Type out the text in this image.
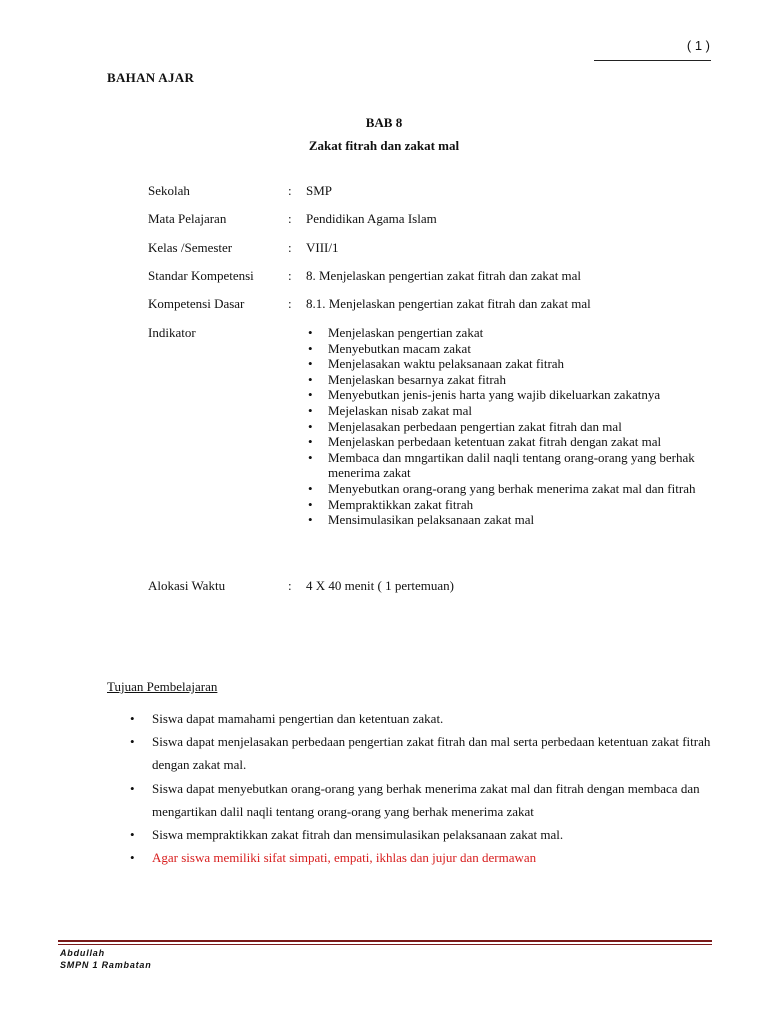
( 1 )
BAHAN AJAR
BAB 8
Zakat fitrah dan zakat mal
Sekolah	:	SMP
Mata Pelajaran	:	Pendidikan Agama Islam
Kelas /Semester	:	VIII/1
Standar Kompetensi	:	8. Menjelaskan pengertian zakat fitrah dan zakat mal
Kompetensi Dasar	:	8.1. Menjelaskan pengertian zakat fitrah dan zakat mal
Indikator
•	Menjelaskan pengertian zakat
• Menyebutkan macam zakat
• Menjelasakan waktu pelaksanaan zakat fitrah
• Menjelaskan besarnya zakat fitrah
• Menyebutkan jenis-jenis harta yang wajib dikeluarkan zakatnya
• Mejelaskan nisab zakat mal
• Menjelasakan perbedaan pengertian zakat fitrah dan mal
• Menjelaskan perbedaan ketentuan zakat fitrah dengan zakat mal
• Membaca dan mngartikan dalil naqli tentang orang-orang yang berhak menerima zakat
• Menyebutkan orang-orang yang berhak menerima zakat mal dan fitrah
• Mempraktikkan zakat fitrah
• Mensimulasikan pelaksanaan zakat mal
Alokasi Waktu	:	4 X 40 menit ( 1 pertemuan)
Tujuan Pembelajaran
• Siswa dapat mamahami pengertian dan ketentuan zakat.
• Siswa dapat menjelasakan perbedaan pengertian zakat fitrah dan mal serta perbedaan ketentuan zakat fitrah dengan zakat mal.
• Siswa dapat menyebutkan orang-orang yang berhak menerima zakat mal dan fitrah dengan membaca dan mengartikan dalil naqli tentang orang-orang yang berhak menerima zakat
• Siswa mempraktikkan zakat fitrah dan mensimulasikan pelaksanaan zakat mal.
• Agar siswa memiliki sifat simpati, empati, ikhlas dan jujur dan dermawan
Abdullah
SMPN 1 Rambatan
